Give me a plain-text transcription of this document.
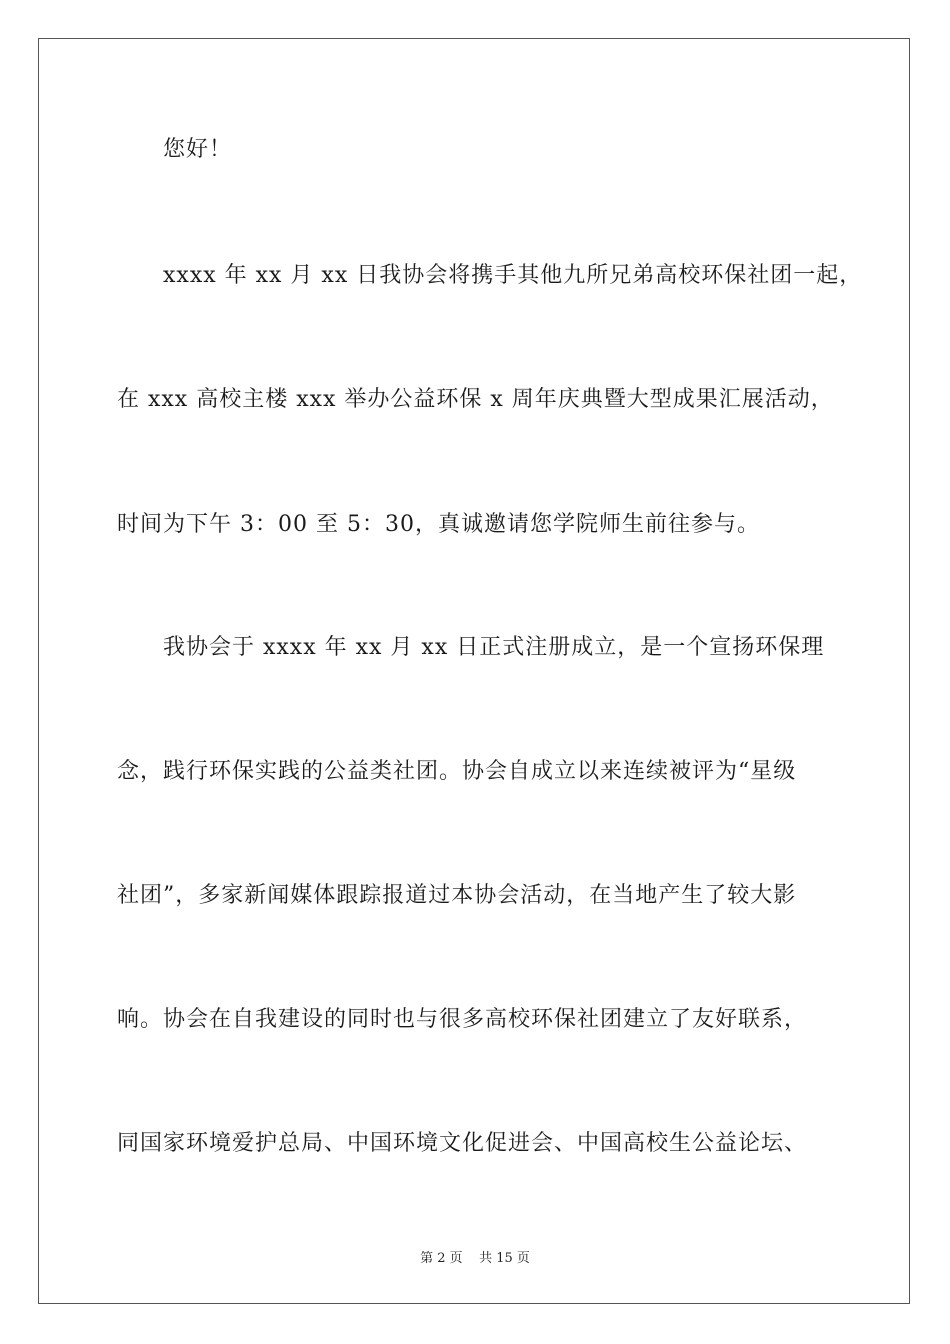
您好！
xxxx 年 xx 月 xx 日我协会将携手其他九所兄弟高校环保社团一起，
在 xxx 高校主楼 xxx 举办公益环保 x 周年庆典暨大型成果汇展活动，
时间为下午 3：00 至 5：30，真诚邀请您学院师生前往参与。
我协会于 xxxx 年 xx 月 xx 日正式注册成立，是一个宣扬环保理
念，践行环保实践的公益类社团。协会自成立以来连续被评为“星级
社团”，多家新闻媒体跟踪报道过本协会活动，在当地产生了较大影
响。协会在自我建设的同时也与很多高校环保社团建立了友好联系，
同国家环境爱护总局、中国环境文化促进会、中国高校生公益论坛、
第 2 页    共 15 页
